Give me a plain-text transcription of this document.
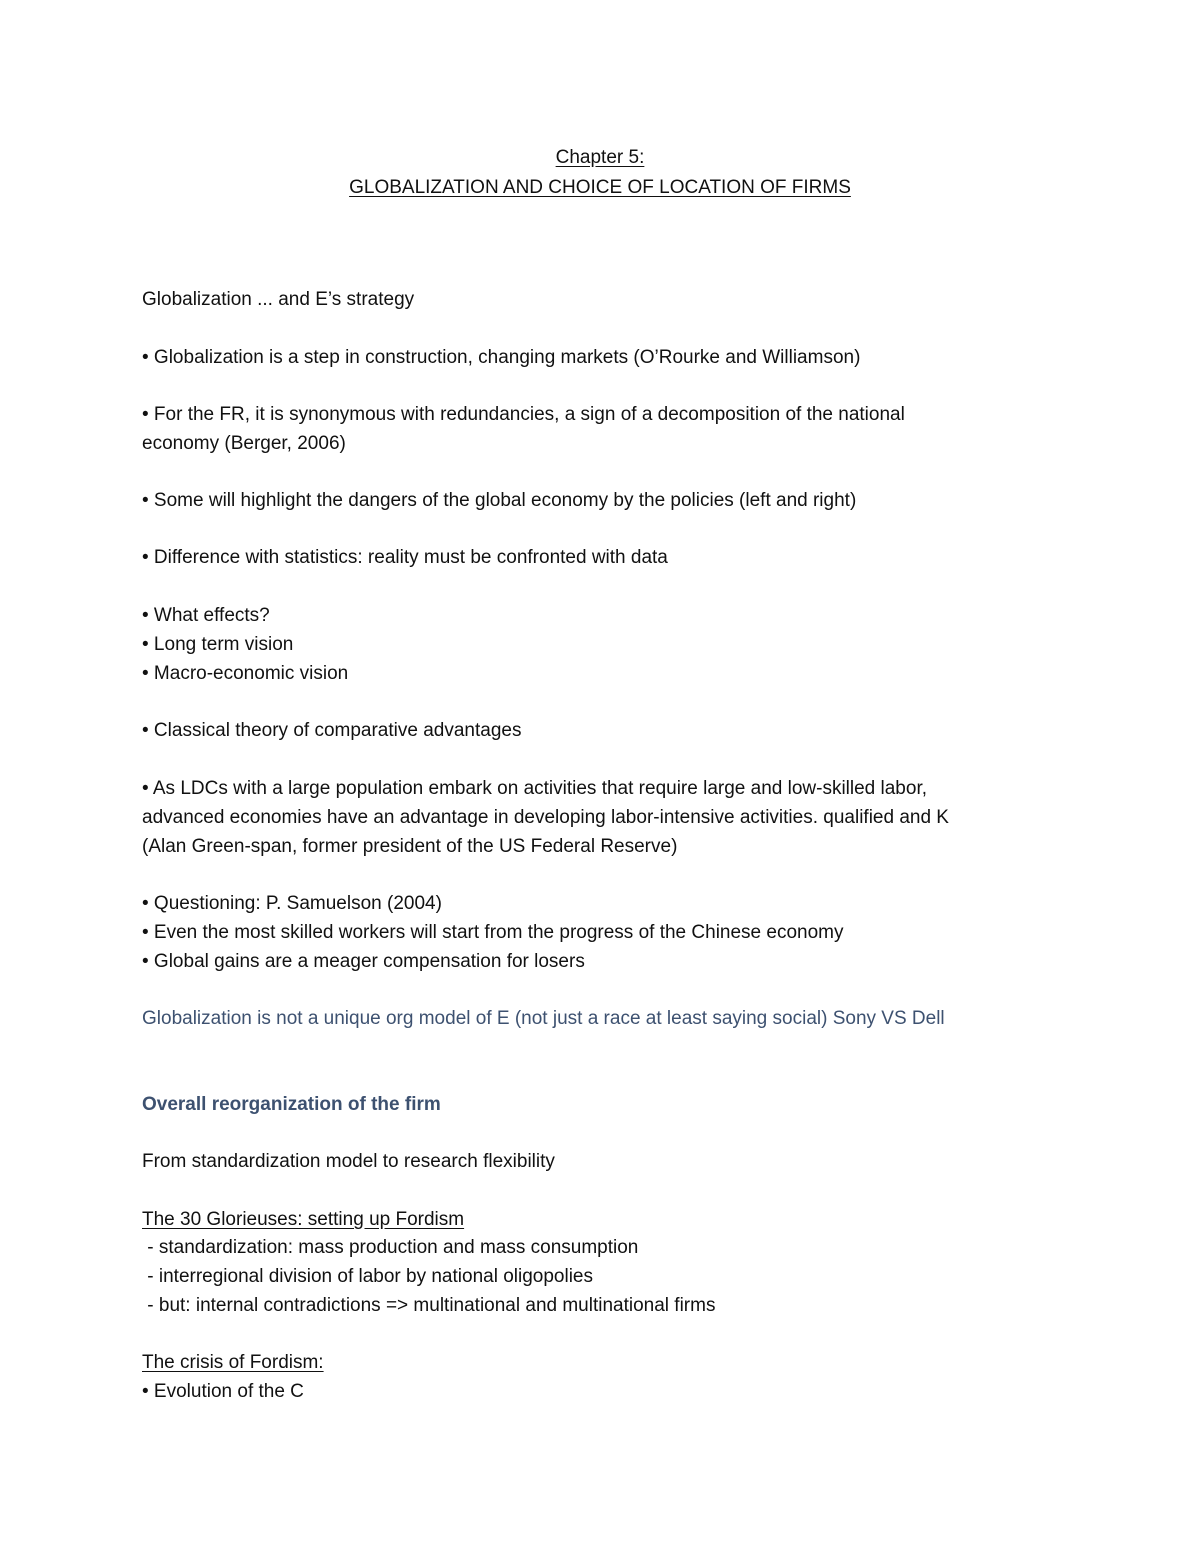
Chapter 5:
GLOBALIZATION AND CHOICE OF LOCATION OF FIRMS
Globalization ... and E’s strategy
• Globalization is a step in construction, changing markets (O’Rourke and Williamson)
• For the FR, it is synonymous with redundancies, a sign of a decomposition of the national
economy (Berger, 2006)
• Some will highlight the dangers of the global economy by the policies (left and right)
• Difference with statistics: reality must be confronted with data
• What effects?
• Long term vision
• Macro-economic vision
• Classical theory of comparative advantages
• As LDCs with a large population embark on activities that require large and low-skilled labor,
advanced economies have an advantage in developing labor-intensive activities. qualified and K
(Alan Green-span, former president of the US Federal Reserve)
• Questioning: P. Samuelson (2004)
• Even the most skilled workers will start from the progress of the Chinese economy
• Global gains are a meager compensation for losers
Globalization is not a unique org model of E (not just a race at least saying social) Sony VS Dell
Overall reorganization of the firm
From standardization model to research flexibility
The 30 Glorieuses: setting up Fordism
- standardization: mass production and mass consumption
- interregional division of labor by national oligopolies
- but: internal contradictions => multinational and multinational firms
The crisis of Fordism:
• Evolution of the C
